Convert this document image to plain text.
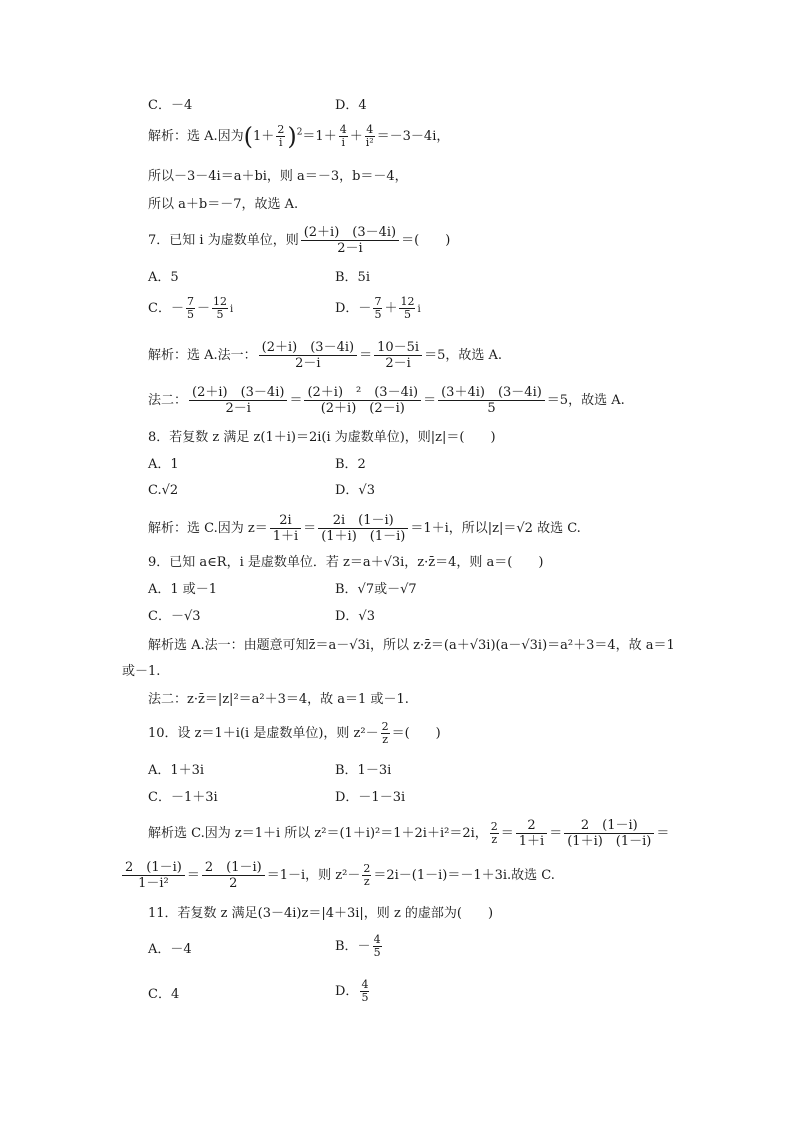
C．－4	D．4
解析：选 A.因为$(1+ \frac{2}{i} )^2=1+ \frac{4}{i} + \frac{4}{\text{i²}} =-3-4i$，
所以－3－4i＝a＋bi，则 a＝－3，b＝－4，
所以 a＋b＝－7，故选 A.
7．已知 i 为虚数单位，则 $\frac{(2+i) (3-4i)}{2-i}$ ＝(　　)
A．5	B．5i
C．－ $\frac{7}{5} - \frac{12}{5}$ i	D．－ $\frac{7}{5} + \frac{12}{5}$ i
解析：选 A.法一： $\frac{(2+i) (3-4i)}{2-i} = \frac{10-5i}{2-i} =5$，故选 A.
法二： $\frac{(2+i) (3-4i)}{2-i} = \frac{\text{(2＋i)　²　(3－4i)}}{(2+i) (2-i)} = \frac{(3+4i) (3-4i)}{5} =5$，故选 A.
8．若复数 z 满足 z(1＋i)＝2i(i 为虚数单位)，则|z|＝(　　)
A．1	B．2
C.√2	D．√3
解析：选 C.因为 $z= \frac{2i}{1+i} = \frac{2i (1-i)}{(1+i) (1-i)} =1+i$，所以|z|＝√2 故选 C.
9．已知 a∈R，i 是虚数单位．若 z＝a＋√3i，z·z̄＝4，则 a＝(　　)
A．1 或－1	B．√7或－√7
C．－√3	D．√3
解析选 A.法一：由题意可知z̄＝a－√3i，所以 z·z̄＝(a＋√3i)(a－√3i)＝a²＋3＝4，故 a＝1
或－1.
法二：z·z̄＝|z|²＝a²＋3＝4，故 a＝1 或－1.
10．设 z＝1＋i(i 是虚数单位)，则 $z^2- \frac{2}{z}$ ＝(　　)
A．1＋3i	B．1－3i
C．－1＋3i	D．－1－3i
解析选 C.因为 z＝1＋i 所以 z²＝(1＋i)²＝1＋2i＋i²＝2i， $\frac{2}{z} = \frac{2}{1+i} = \frac{2 (1-i)}{(1+i) (1-i)}$ ＝
$\frac{2 (1-i)}{\text{1－i²}} = \frac{2 (1-i)}{2} =1-i$，则 $z^2- \frac{2}{z} =2i-(1-i)=-1+3i$.故选 C.
11．若复数 z 满足(3－4i)z＝|4＋3i|，则 z 的虚部为(　　)
A．－4	B．－ $\frac{4}{5}$
C．4	D． $\frac{4}{5}$
